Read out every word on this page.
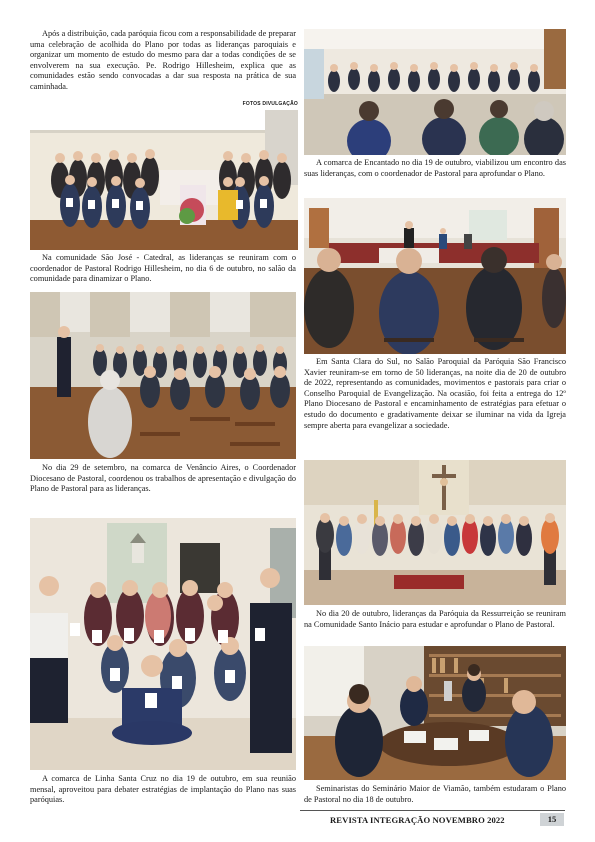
Após a distribuição, cada paróquia ficou com a responsabilidade de preparar uma celebração de acolhida do Plano por todas as lideranças paroquiais e organizar um momento de estudo do mesmo para dar a todas condições de se envolverem na sua execução. Pe. Rodrigo Hillesheim, explica que as comunidades estão sendo convocadas a dar sua resposta na prática de sua caminhada.
FOTOS DIVULGAÇÃO
Na comunidade São José - Catedral, as lideranças se reuniram com o coordenador de Pastoral Rodrigo Hillesheim, no dia 6 de outubro, no salão da comunidade para dinamizar o Plano.
No dia 29 de setembro, na comarca de Venâncio Aires, o Coordenador Diocesano de Pastoral, coordenou os trabalhos de apresentação e divulgação do Plano de Pastoral para as lideranças.
A comarca de Linha Santa Cruz no dia 19 de outubro, em sua reunião mensal, aproveitou para debater estratégias de implantação do Plano nas suas paróquias.
A comarca de Encantado no dia 19 de outubro, viabilizou um encontro das suas lideranças, com o coordenador de Pastoral para aprofundar o Plano.
Em Santa Clara do Sul, no Salão Paroquial da Paróquia São Francisco Xavier reuniram-se em torno de 50 lideranças, na noite dia de 20 de outubro de 2022, representando as comunidades, movimentos e pastorais para criar o Conselho Paroquial de Evangelização. Na ocasião, foi feita a entrega do 12º Plano Diocesano de Pastoral e encaminhamento de estratégias para efetuar o estudo do documento e gradativamente deixar se iluminar na vida da Igreja sempre aberta para evangelizar a sociedade.
No dia 20 de outubro, lideranças da Paróquia da Ressurreição se reuniram na Comunidade Santo Inácio para estudar e aprofundar o Plano de Pastoral.
Seminaristas do Seminário Maior de Viamão, também estudaram o Plano de Pastoral no dia 18 de outubro.
REVISTA INTEGRAÇÃO NOVEMBRO 2022	15
